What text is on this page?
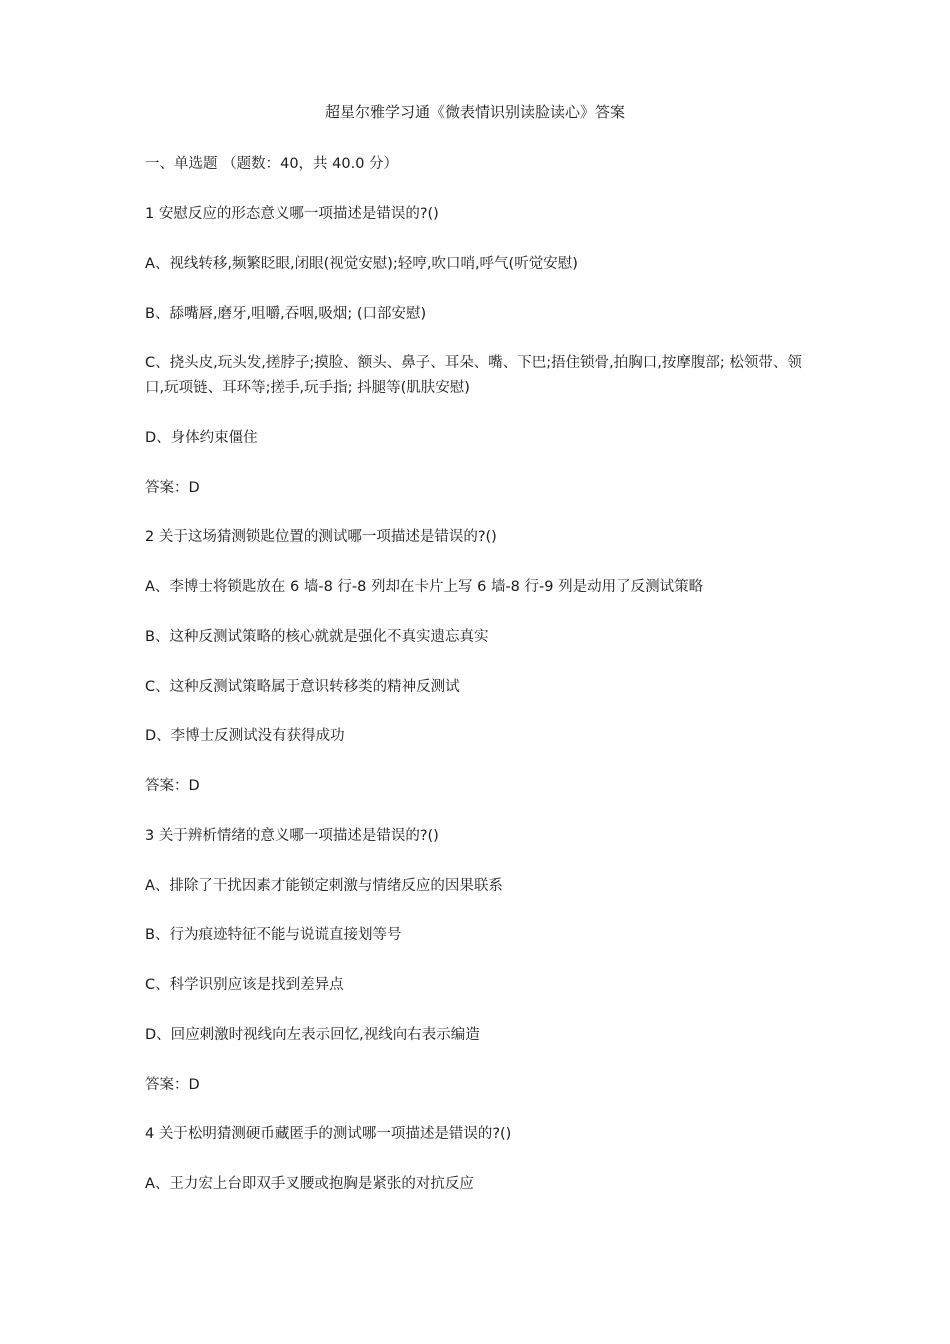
超星尔雅学习通《微表情识别读脸读心》答案
一、单选题 （题数：40，共 40.0 分）
1 安慰反应的形态意义哪一项描述是错误的?()
A、视线转移,频繁眨眼,闭眼(视觉安慰);轻哼,吹口哨,呼气(听觉安慰)
B、舔嘴唇,磨牙,咀嚼,吞咽,吸烟; (口部安慰)
C、挠头皮,玩头发,搓脖子;摸脸、额头、鼻子、耳朵、嘴、下巴;捂住锁骨,拍胸口,按摩腹部; 松领带、领口,玩项链、耳环等;搓手,玩手指; 抖腿等(肌肤安慰)
D、身体约束僵住
答案：D
2 关于这场猜测锁匙位置的测试哪一项描述是错误的?()
A、李博士将锁匙放在 6 墙-8 行-8 列却在卡片上写 6 墙-8 行-9 列是动用了反测试策略
B、这种反测试策略的核心就就是强化不真实遗忘真实
C、这种反测试策略属于意识转移类的精神反测试
D、李博士反测试没有获得成功
答案：D
3 关于辨析情绪的意义哪一项描述是错误的?()
A、排除了干扰因素才能锁定刺激与情绪反应的因果联系
B、行为痕迹特征不能与说谎直接划等号
C、科学识别应该是找到差异点
D、回应刺激时视线向左表示回忆,视线向右表示编造
答案：D
4 关于松明猜测硬币藏匿手的测试哪一项描述是错误的?()
A、王力宏上台即双手叉腰或抱胸是紧张的对抗反应
